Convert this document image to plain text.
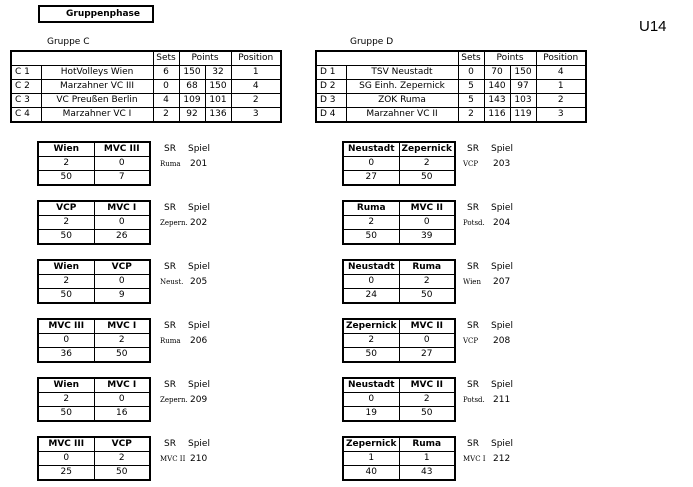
Gruppenphase
U14
Gruppe C
		Sets	Points		Position
C 1	HotVolleys Wien	6	150	32	1
C 2	Marzahner VC III	0	68	150	4
C 3	VC Preußen Berlin	4	109	101	2
C 4	Marzahner VC I	2	92	136	3
Wien	MVC III
2	0
50	7
SR Spiel
Ruma 201
VCP	MVC I
2	0
50	26
SR Spiel
Zepern. 202
Wien	VCP
2	0
50	9
SR Spiel
Neust. 205
MVC III	MVC I
0	2
36	50
SR Spiel
Ruma 206
Wien	MVC I
2	0
50	16
SR Spiel
Zepern. 209
MVC III	VCP
0	2
25	50
SR Spiel
MVC II 210
Gruppe D
		Sets	Points		Position
D 1	TSV Neustadt	0	70	150	4
D 2	SG Einh. Zepernick	5	140	97	1
D 3	ZOK Ruma	5	143	103	2
D 4	Marzahner VC II	2	116	119	3
Neustadt	Zepernick
0	2
27	50
SR Spiel
VCP 203
Ruma	MVC II
2	0
50	39
SR Spiel
Potsd. 204
Neustadt	Ruma
0	2
24	50
SR Spiel
Wien 207
Zepernick	MVC II
2	0
50	27
SR Spiel
VCP 208
Neustadt	MVC II
0	2
19	50
SR Spiel
Potsd. 211
Zepernick	Ruma
1	1
40	43
SR Spiel
MVC I 212
